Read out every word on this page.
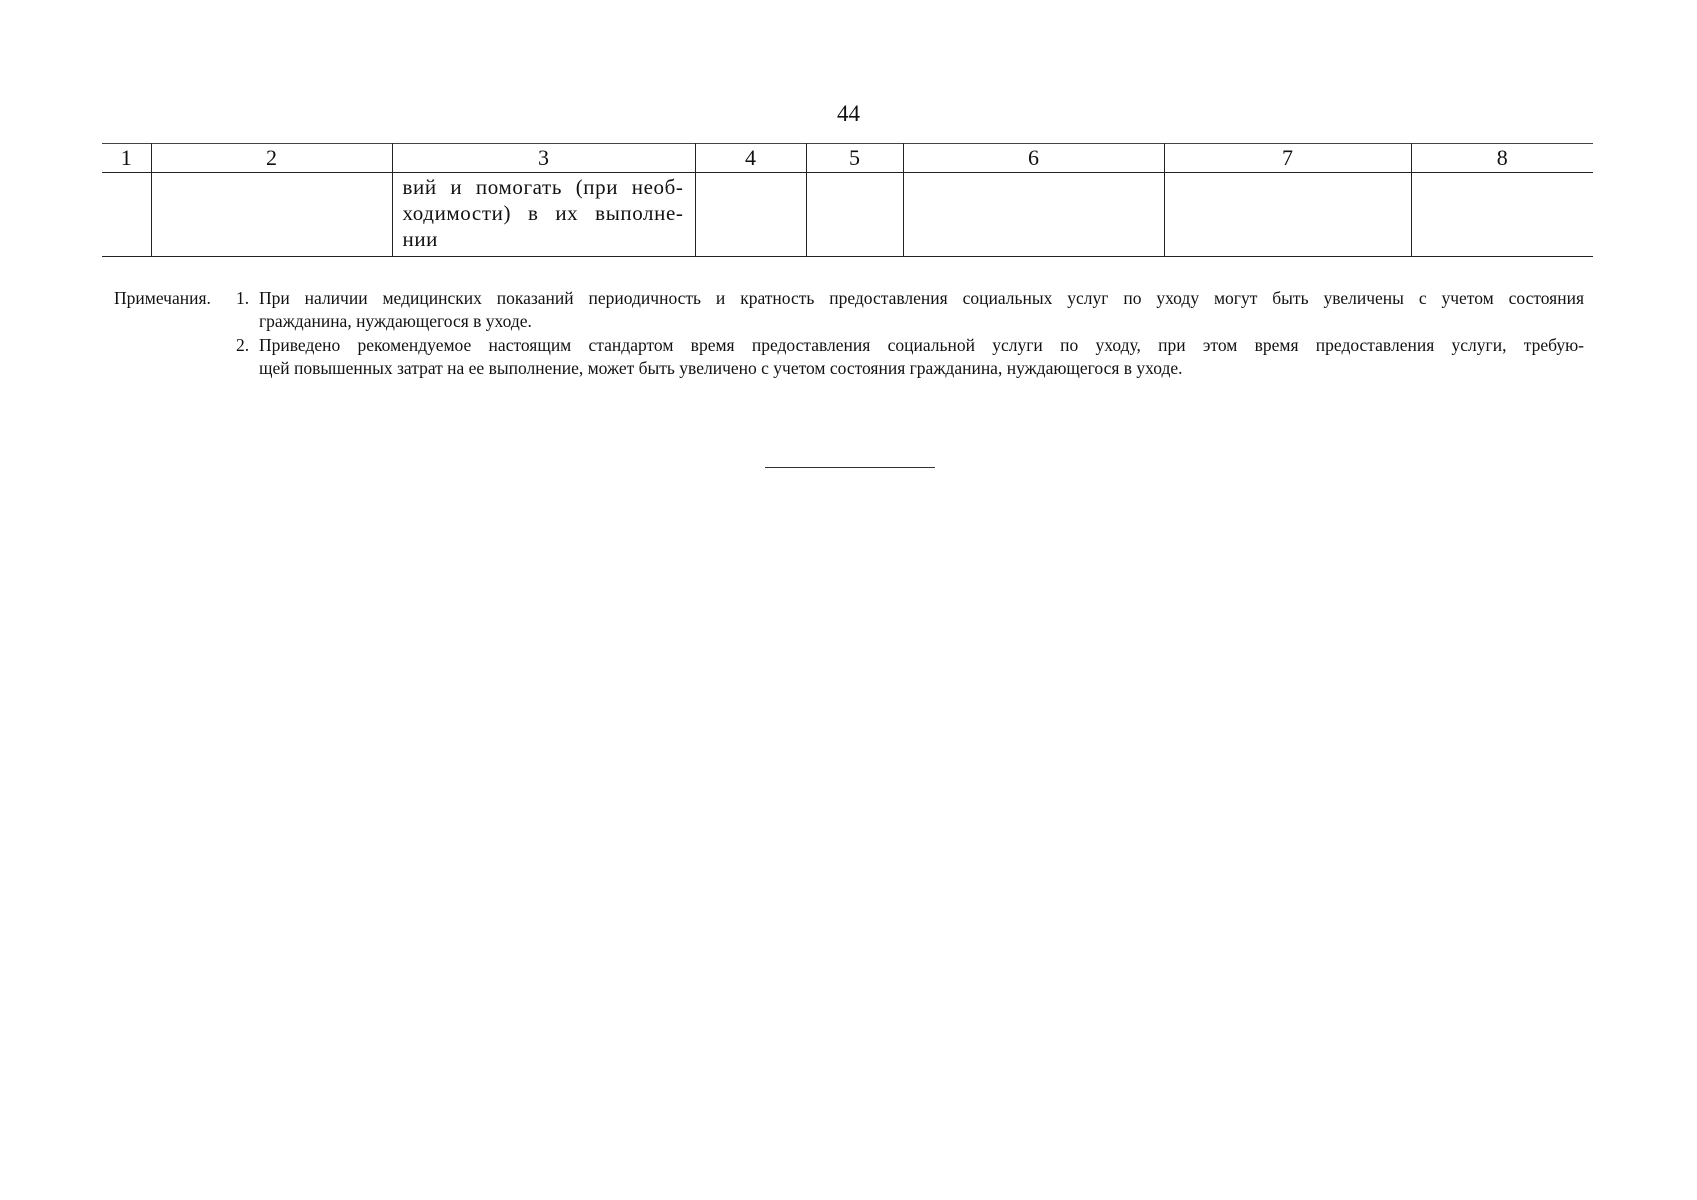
44
1	2	3	4	5	6	7	8

		вий и помогать (при необ-
ходимости) в их выполне-
нии					

Примечания. 1. При наличии медицинских показаний периодичность и кратность предоставления социальных услуг по уходу могут быть увеличены с учетом состояния
гражданина, нуждающегося в уходе.
2. Приведено рекомендуемое настоящим стандартом время предоставления социальной услуги по уходу, при этом время предоставления услуги, требую-
щей повышенных затрат на ее выполнение, может быть увеличено с учетом состояния гражданина, нуждающегося в уходе.
